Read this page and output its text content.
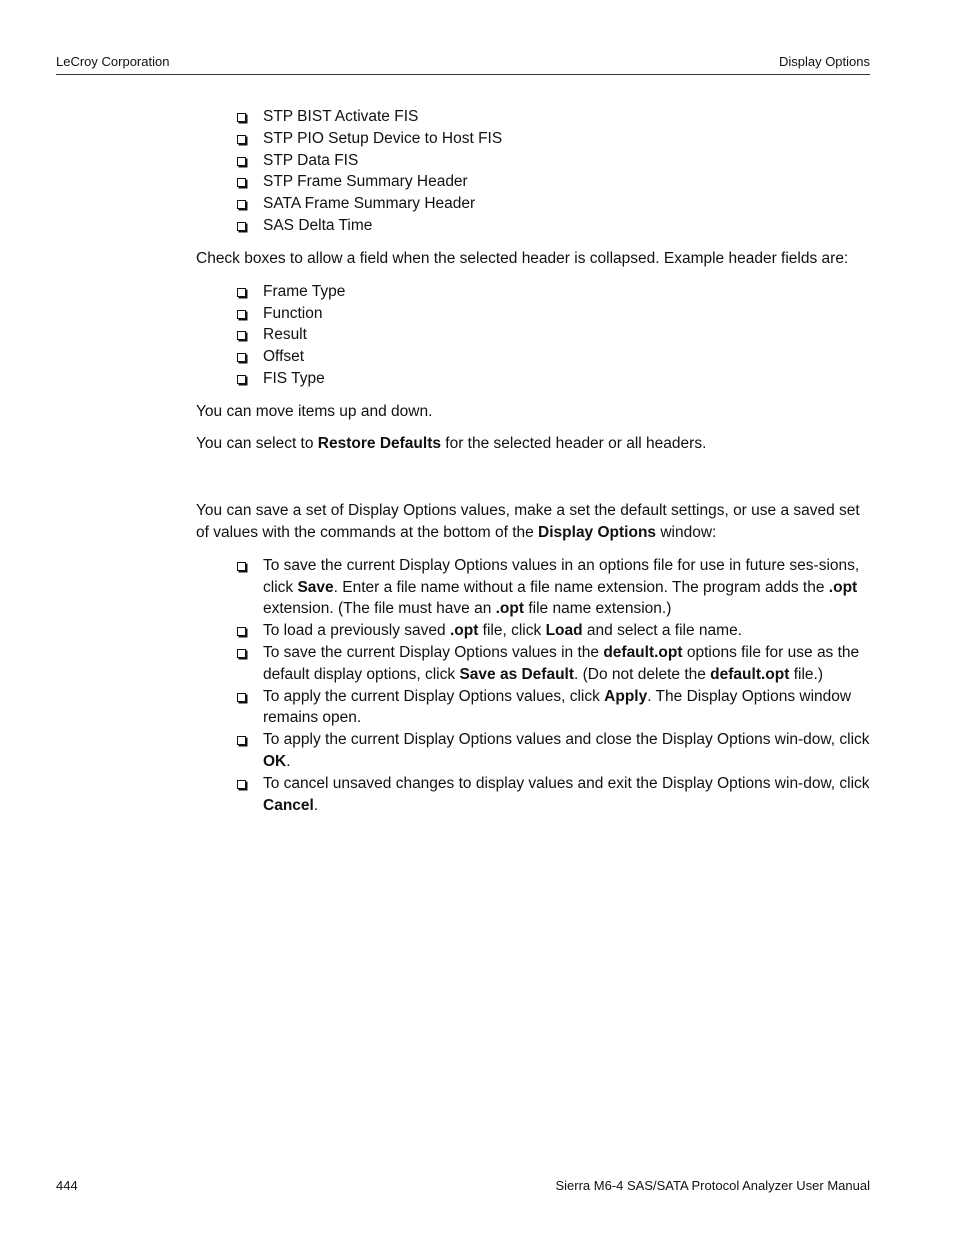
LeCroy Corporation	Display Options
STP BIST Activate FIS
STP PIO Setup Device to Host FIS
STP Data FIS
STP Frame Summary Header
SATA Frame Summary Header
SAS Delta Time

Check boxes to allow a field when the selected header is collapsed. Example header fields are:

Frame Type
Function
Result
Offset
FIS Type

You can move items up and down.

You can select to Restore Defaults for the selected header or all headers.

You can save a set of Display Options values, make a set the default settings, or use a saved set of values with the commands at the bottom of the Display Options window:

To save the current Display Options values in an options file for use in future ses-sions, click Save. Enter a file name without a file name extension. The program adds the .opt extension. (The file must have an .opt file name extension.)
To load a previously saved .opt file, click Load and select a file name.
To save the current Display Options values in the default.opt options file for use as the default display options, click Save as Default. (Do not delete the default.opt file.)
To apply the current Display Options values, click Apply. The Display Options window remains open.
To apply the current Display Options values and close the Display Options win-dow, click OK.
To cancel unsaved changes to display values and exit the Display Options win-dow, click Cancel.
444	Sierra M6-4 SAS/SATA Protocol Analyzer User Manual
